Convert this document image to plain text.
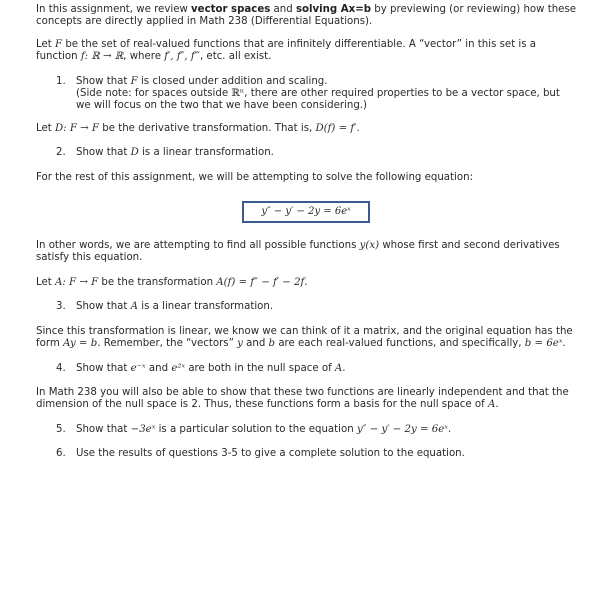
In this assignment, we review vector spaces and solving Ax=b by previewing (or reviewing) how these concepts are directly applied in Math 238 (Differential Equations).

Let F be the set of real-valued functions that are infinitely differentiable. A “vector” in this set is a function f: ℝ → ℝ, where f′, f″, f‴, etc. all exist.

1. Show that F is closed under addition and scaling.
(Side note: for spaces outside ℝⁿ, there are other required properties to be a vector space, but we will focus on the two that we have been considering.)

Let D: F → F be the derivative transformation. That is, D(f) = f′.

2. Show that D is a linear transformation.

For the rest of this assignment, we will be attempting to solve the following equation:

y″ − y′ − 2y = 6eˣ

In other words, we are attempting to find all possible functions y(x) whose first and second derivatives satisfy this equation.

Let A: F → F be the transformation A(f) = f″ − f′ − 2f.

3. Show that A is a linear transformation.

Since this transformation is linear, we know we can think of it a matrix, and the original equation has the form Ay = b. Remember, the “vectors” y and b are each real-valued functions, and specifically, b = 6eˣ.

4. Show that e⁻ˣ and e²ˣ are both in the null space of A.

In Math 238 you will also be able to show that these two functions are linearly independent and that the dimension of the null space is 2. Thus, these functions form a basis for the null space of A.

5. Show that −3eˣ is a particular solution to the equation y″ − y′ − 2y = 6eˣ.
6. Use the results of questions 3-5 to give a complete solution to the equation.
